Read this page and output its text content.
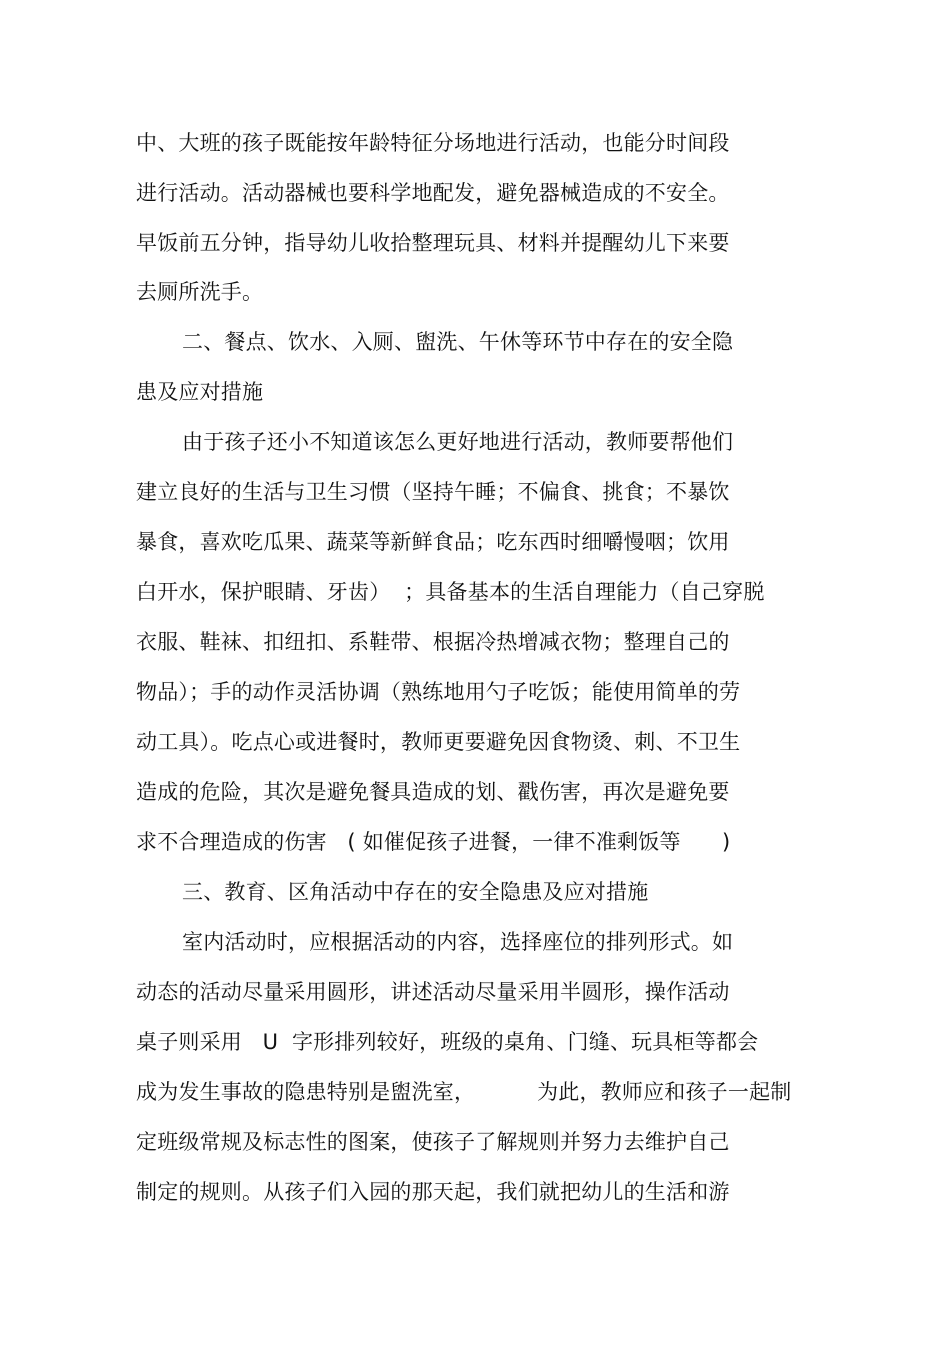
中、大班的孩子既能按年龄特征分场地进行活动，也能分时间段
进行活动。活动器械也要科学地配发，避免器械造成的不安全。
早饭前五分钟，指导幼儿收拾整理玩具、材料并提醒幼儿下来要
去厕所洗手。
二、餐点、饮水、入厕、盥洗、午休等环节中存在的安全隐
患及应对措施
由于孩子还小不知道该怎么更好地进行活动，教师要帮他们
建立良好的生活与卫生习惯（坚持午睡；不偏食、挑食；不暴饮
暴食，喜欢吃瓜果、蔬菜等新鲜食品；吃东西时细嚼慢咽；饮用
白开水，保护眼睛、牙齿）  ；具备基本的生活自理能力（自己穿脱
衣服、鞋袜、扣纽扣、系鞋带、根据冷热增减衣物；整理自己的
物品）；手的动作灵活协调（熟练地用勺子吃饭；能使用简单的劳
动工具）。吃点心或进餐时，教师更要避免因食物烫、刺、不卫生
造成的危险，其次是避免餐具造成的划、戳伤害，再次是避免要
求不合理造成的伤害   ( 如催促孩子进餐，一律不准剩饭等      )
三、教育、区角活动中存在的安全隐患及应对措施
室内活动时，应根据活动的内容，选择座位的排列形式。如
动态的活动尽量采用圆形，讲述活动尽量采用半圆形，操作活动
桌子则采用   U  字形排列较好，班级的桌角、门缝、玩具柜等都会
成为发生事故的隐患特别是盥洗室，         为此，教师应和孩子一起制
定班级常规及标志性的图案，使孩子了解规则并努力去维护自己
制定的规则。从孩子们入园的那天起，我们就把幼儿的生活和游
